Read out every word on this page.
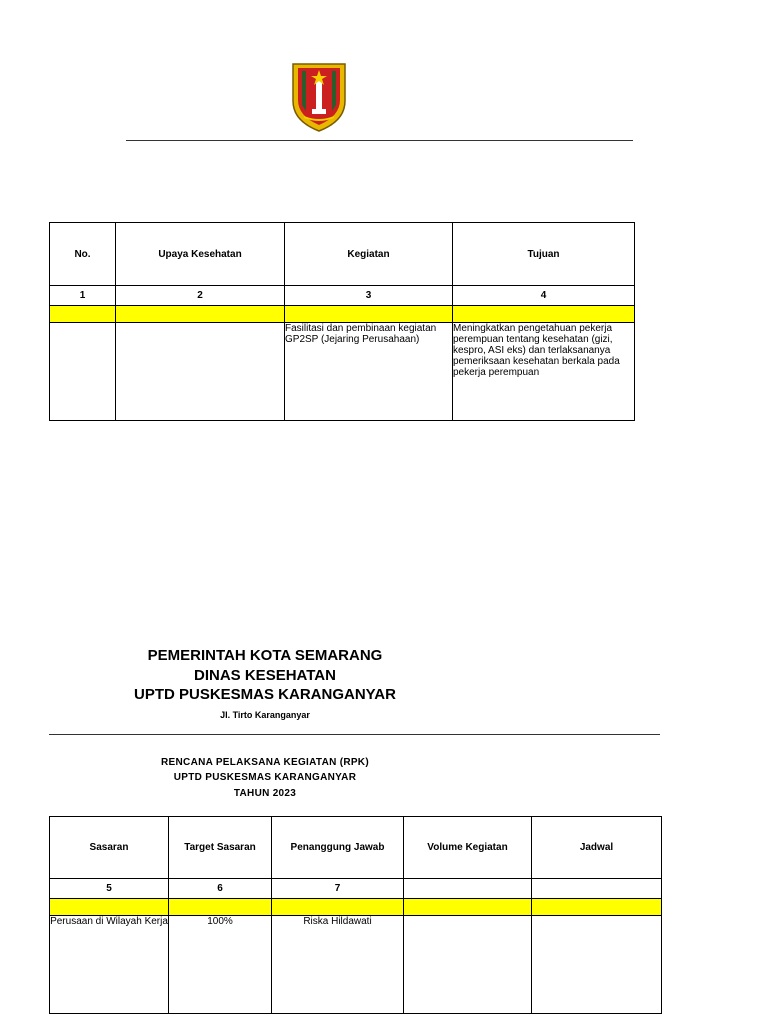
No.	Upaya Kesehatan	Kegiatan	Tujuan
1	2	3	4

		Fasilitasi dan pembinaan kegiatan GP2SP (Jejaring Perusahaan)	Meningkatkan pengetahuan pekerja perempuan tentang kesehatan (gizi, kespro, ASI eks) dan terlaksananya pemeriksaan kesehatan berkala pada pekerja perempuan
PEMERINTAH KOTA SEMARANG
DINAS KESEHATAN
UPTD PUSKESMAS KARANGANYAR
Jl. Tirto Karanganyar
RENCANA PELAKSANA KEGIATAN (RPK)
UPTD PUSKESMAS KARANGANYAR
TAHUN 2023
Sasaran	Target Sasaran	Penanggung Jawab	Volume Kegiatan	Jadwal
5	6	7		

Perusaan di Wilayah Kerja	100%	Riska Hildawati		
